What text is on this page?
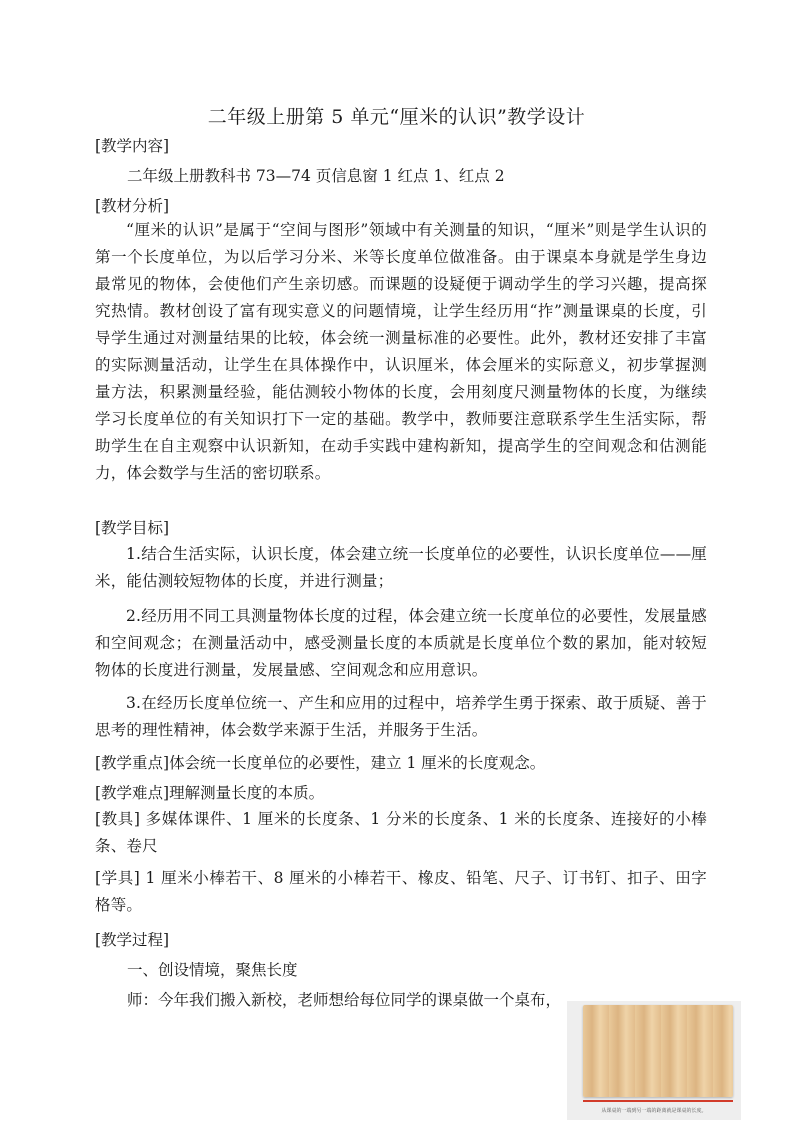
二年级上册第 5 单元“厘米的认识”教学设计
[教学内容]
二年级上册教科书 73—74 页信息窗 1 红点 1、红点 2
[教材分析]
“厘米的认识”是属于“空间与图形”领域中有关测量的知识，“厘米”则是学生认识的第一个长度单位，为以后学习分米、米等长度单位做准备。由于课桌本身就是学生身边最常见的物体，会使他们产生亲切感。而课题的设疑便于调动学生的学习兴趣，提高探究热情。教材创设了富有现实意义的问题情境，让学生经历用“拃”测量课桌的长度，引导学生通过对测量结果的比较，体会统一测量标准的必要性。此外，教材还安排了丰富的实际测量活动，让学生在具体操作中，认识厘米，体会厘米的实际意义，初步掌握测量方法，积累测量经验，能估测较小物体的长度，会用刻度尺测量物体的长度，为继续学习长度单位的有关知识打下一定的基础。教学中，教师要注意联系学生生活实际，帮助学生在自主观察中认识新知，在动手实践中建构新知，提高学生的空间观念和估测能力，体会数学与生活的密切联系。
[教学目标]
1.结合生活实际，认识长度，体会建立统一长度单位的必要性，认识长度单位——厘米，能估测较短物体的长度，并进行测量；
2.经历用不同工具测量物体长度的过程，体会建立统一长度单位的必要性，发展量感和空间观念；在测量活动中，感受测量长度的本质就是长度单位个数的累加，能对较短物体的长度进行测量，发展量感、空间观念和应用意识。
3.在经历长度单位统一、产生和应用的过程中，培养学生勇于探索、敢于质疑、善于思考的理性精神，体会数学来源于生活，并服务于生活。
[教学重点]体会统一长度单位的必要性，建立 1 厘米的长度观念。
[教学难点]理解测量长度的本质。
[教具] 多媒体课件、1 厘米的长度条、1 分米的长度条、1 米的长度条、连接好的小棒条、卷尺
[学具] 1 厘米小棒若干、8 厘米的小棒若干、橡皮、铅笔、尺子、订书钉、扣子、田字格等。
[教学过程]
一、创设情境，聚焦长度
师：今年我们搬入新校，老师想给每位同学的课桌做一个桌布，
从课桌的一端到另一端的距离就是课桌的长度。
